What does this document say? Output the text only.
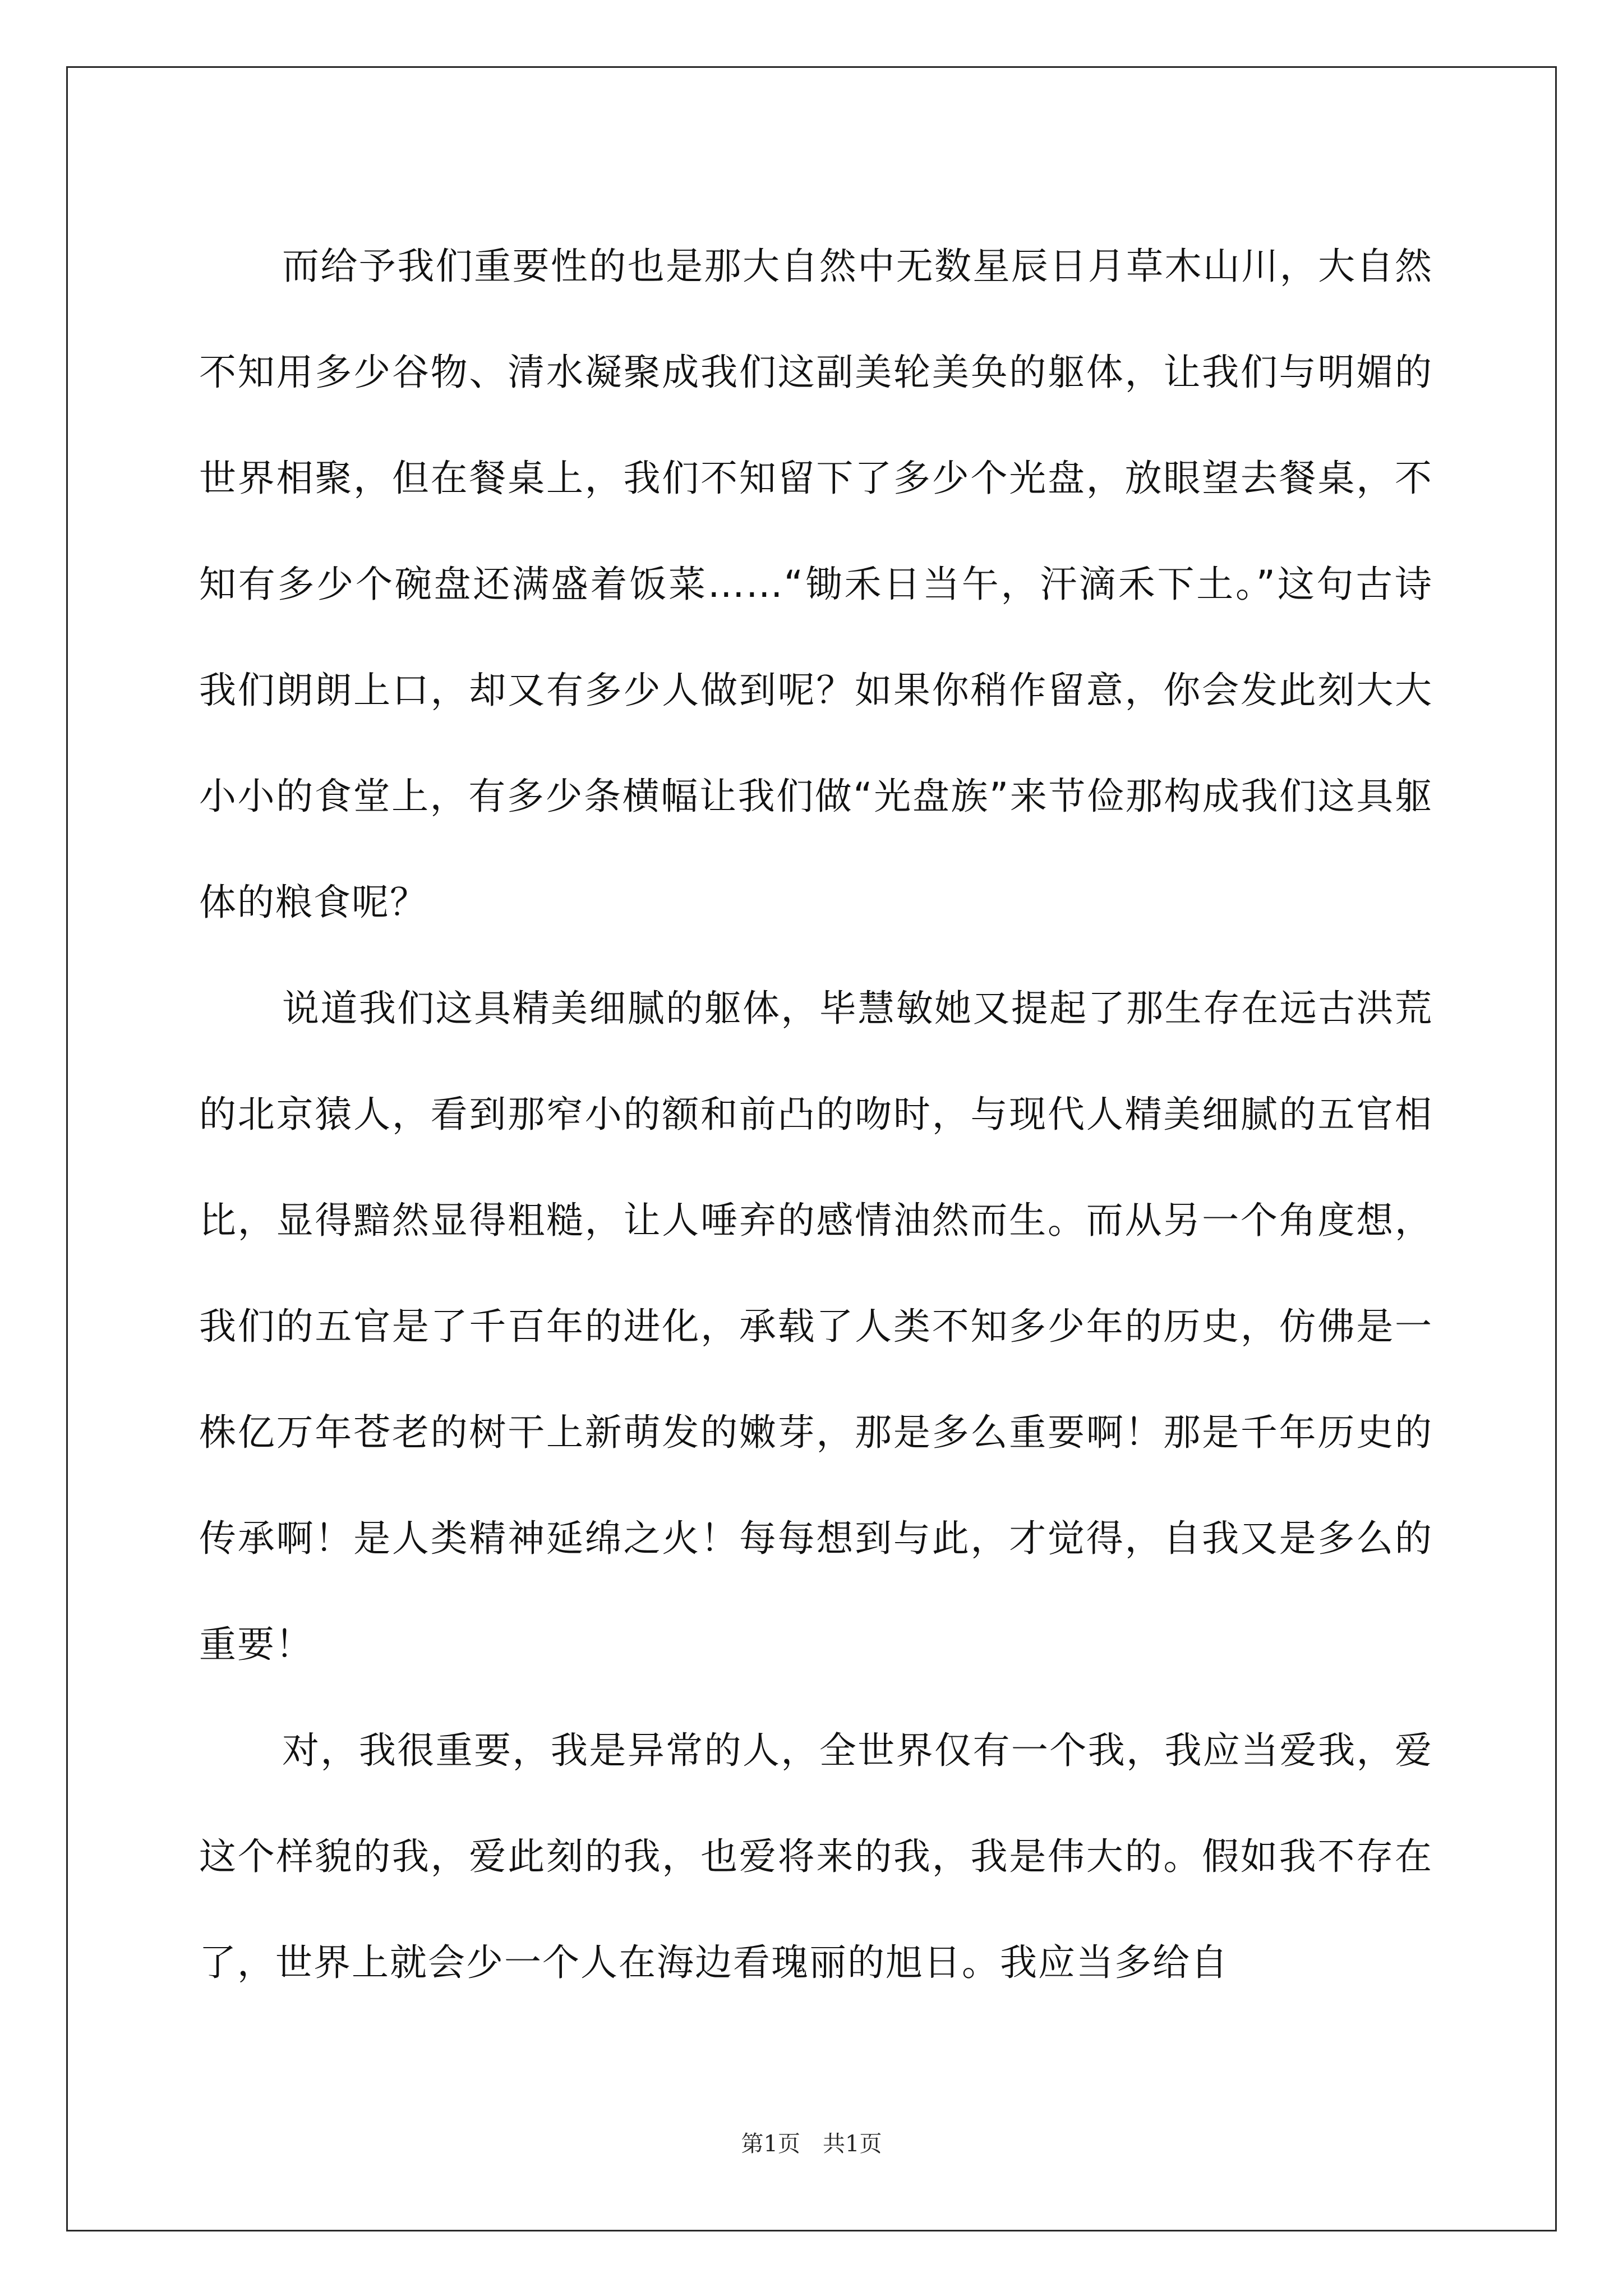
而给予我们重要性的也是那大自然中无数星辰日月草木山川，大自然不知用多少谷物、清水凝聚成我们这副美轮美奂的躯体，让我们与明媚的世界相聚，但在餐桌上，我们不知留下了多少个光盘，放眼望去餐桌，不知有多少个碗盘还满盛着饭菜……“锄禾日当午，汗滴禾下土。”这句古诗我们朗朗上口，却又有多少人做到呢？如果你稍作留意，你会发此刻大大小小的食堂上，有多少条横幅让我们做“光盘族”来节俭那构成我们这具躯体的粮食呢？

说道我们这具精美细腻的躯体，毕慧敏她又提起了那生存在远古洪荒的北京猿人，看到那窄小的额和前凸的吻时，与现代人精美细腻的五官相比，显得黯然显得粗糙，让人唾弃的感情油然而生。而从另一个角度想，我们的五官是了千百年的进化，承载了人类不知多少年的历史，仿佛是一株亿万年苍老的树干上新萌发的嫩芽，那是多么重要啊！那是千年历史的传承啊！是人类精神延绵之火！每每想到与此，才觉得，自我又是多么的重要！

对，我很重要，我是异常的人，全世界仅有一个我，我应当爱我，爱这个样貌的我，爱此刻的我，也爱将来的我，我是伟大的。假如我不存在了，世界上就会少一个人在海边看瑰丽的旭日。我应当多给自

第1页　共1页
